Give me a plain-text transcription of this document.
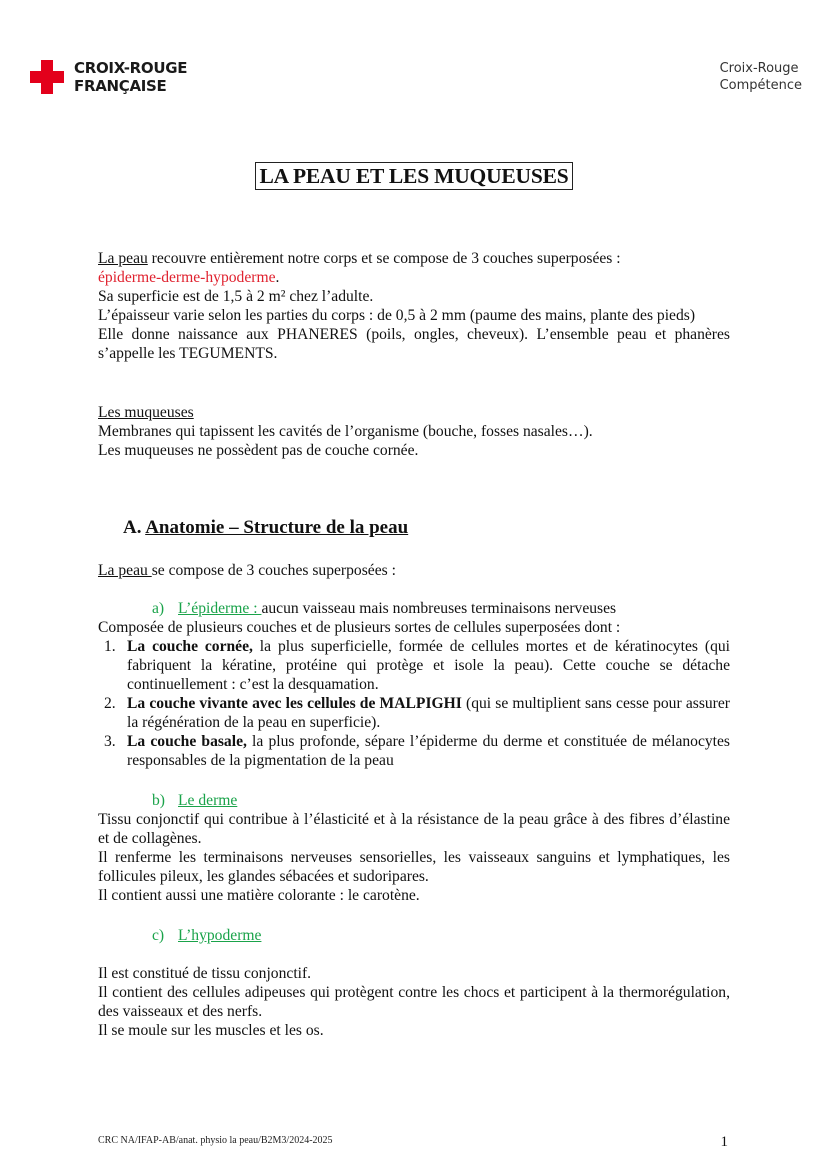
CROIX-ROUGE
FRANÇAISE
Croix-Rouge
Compétence
LA PEAU ET LES MUQUEUSES

La peau recouvre entièrement notre corps et se compose de 3 couches superposées :
épiderme-derme-hypoderme.

Sa superficie est de 1,5 à 2 m² chez l’adulte.

L’épaisseur varie selon les parties du corps : de 0,5 à 2 mm (paume des mains, plante des pieds)

Elle donne naissance aux PHANERES (poils, ongles, cheveux). L’ensemble peau et phanères s’appelle les TEGUMENTS.

Les muqueuses

Membranes qui tapissent les cavités de l’organisme (bouche, fosses nasales…).

Les muqueuses ne possèdent pas de couche cornée.

A. Anatomie – Structure de la peau

La peau se compose de 3 couches superposées :

a) L’épiderme : aucun vaisseau mais nombreuses terminaisons nerveuses

Composée de plusieurs couches et de plusieurs sortes de cellules superposées dont :

1. La couche cornée, la plus superficielle, formée de cellules mortes et de kératinocytes (qui fabriquent la kératine, protéine qui protège et isole la peau). Cette couche se détache continuellement : c’est la desquamation.
2. La couche vivante avec les cellules de MALPIGHI (qui se multiplient sans cesse pour assurer la régénération de la peau en superficie).
3. La couche basale, la plus profonde, sépare l’épiderme du derme et constituée de mélanocytes responsables de la pigmentation de la peau

b) Le derme

Tissu conjonctif qui contribue à l’élasticité et à la résistance de la peau grâce à des fibres d’élastine et de collagènes.

Il renferme les terminaisons nerveuses sensorielles, les vaisseaux sanguins et lymphatiques, les follicules pileux, les glandes sébacées et sudoripares.

Il contient aussi une matière colorante : le carotène.

c) L’hypoderme

Il est constitué de tissu conjonctif.

Il contient des cellules adipeuses qui protègent contre les chocs et participent à la thermorégulation, des vaisseaux et des nerfs.

Il se moule sur les muscles et les os.

CRC NA/IFAP-AB/anat. physio la peau/B2M3/2024-2025	1
